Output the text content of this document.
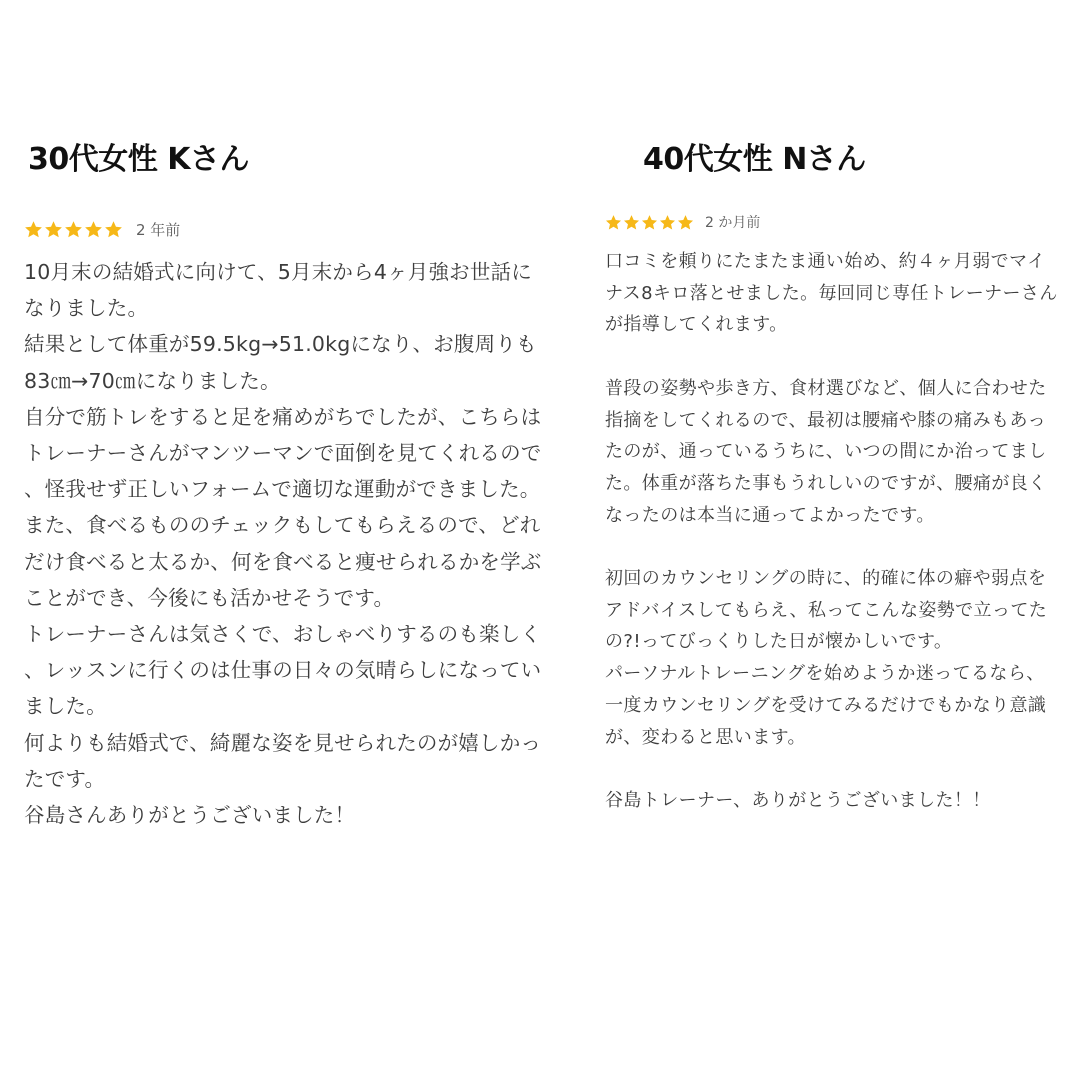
30代女性 Kさん
2 年前
10月末の結婚式に向けて、5月末から4ヶ月強お世話になりました。
結果として体重が59.5kg→51.0kgになり、お腹周りも83㎝→70㎝になりました。
自分で筋トレをすると足を痛めがちでしたが、こちらはトレーナーさんがマンツーマンで面倒を見てくれるので、怪我せず正しいフォームで適切な運動ができました。また、食べるもののチェックもしてもらえるので、どれだけ食べると太るか、何を食べると痩せられるかを学ぶことができ、今後にも活かせそうです。
トレーナーさんは気さくで、おしゃべりするのも楽しく、レッスンに行くのは仕事の日々の気晴らしになっていました。
何よりも結婚式で、綺麗な姿を見せられたのが嬉しかったです。
谷島さんありがとうございました！
40代女性 Nさん
2 か月前
口コミを頼りにたまたま通い始め、約４ヶ月弱でマイナス8キロ落とせました。毎回同じ専任トレーナーさんが指導してくれます。

普段の姿勢や歩き方、食材選びなど、個人に合わせた指摘をしてくれるので、最初は腰痛や膝の痛みもあったのが、通っているうちに、いつの間にか治ってました。体重が落ちた事もうれしいのですが、腰痛が良くなったのは本当に通ってよかったです。

初回のカウンセリングの時に、的確に体の癖や弱点をアドバイスしてもらえ、私ってこんな姿勢で立ってたの?!ってびっくりした日が懐かしいです。
パーソナルトレーニングを始めようか迷ってるなら、一度カウンセリングを受けてみるだけでもかなり意識が、変わると思います。

谷島トレーナー、ありがとうございました！！
